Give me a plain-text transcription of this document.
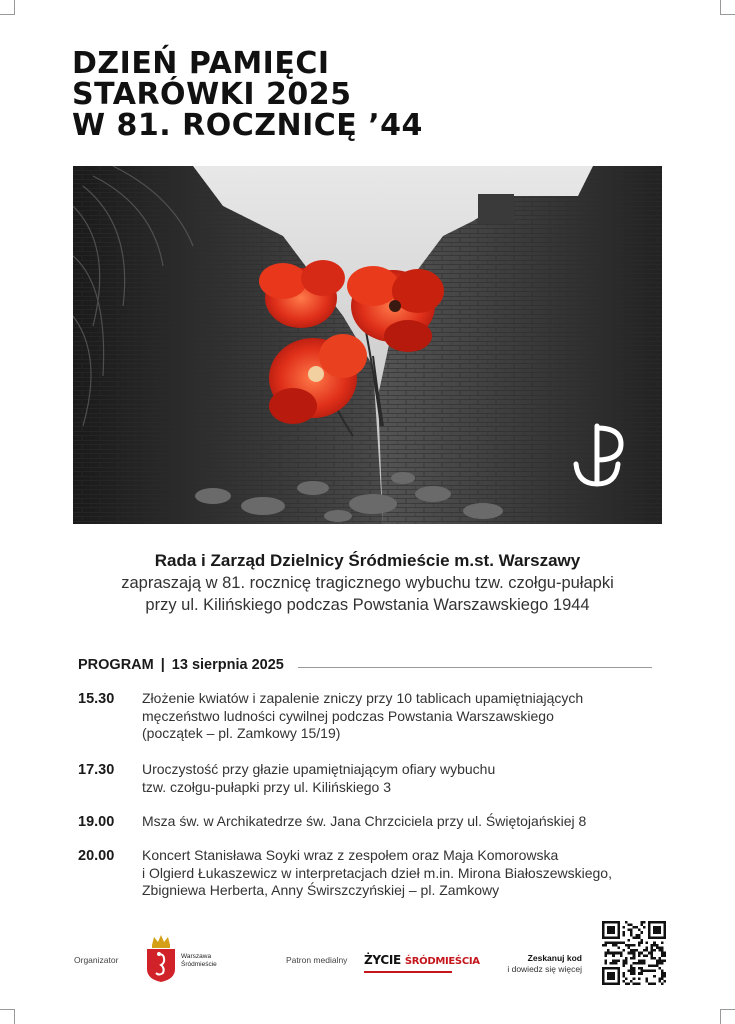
DZIEŃ PAMIĘCI
STARÓWKI 2025
W 81. ROCZNICĘ ’44
Rada i Zarząd Dzielnicy Śródmieście m.st. Warszawy
zapraszają w 81. rocznicę tragicznego wybuchu tzw. czołgu-pułapki
przy ul. Kilińskiego podczas Powstania Warszawskiego 1944
PROGRAM | 13 sierpnia 2025
15.30	Złożenie kwiatów i zapalenie zniczy przy 10 tablicach upamiętniających
męczeństwo ludności cywilnej podczas Powstania Warszawskiego
(początek – pl. Zamkowy 15/19)
17.30	Uroczystość przy głazie upamiętniającym ofiary wybuchu
tzw. czołgu-pułapki przy ul. Kilińskiego 3
19.00	Msza św. w Archikatedrze św. Jana Chrzciciela przy ul. Świętojańskiej 8
20.00	Koncert Stanisława Soyki wraz z zespołem oraz Maja Komorowska
i Olgierd Łukaszewicz w interpretacjach dzieł m.in. Mirona Białoszewskiego,
Zbigniewa Herberta, Anny Świrszczyńskiej – pl. Zamkowy
Organizator	Warszawa
Śródmieście	Patron medialny ŻYCIE ŚRÓDMIEŚCIA	Zeskanuj kod
i dowiedz się więcej
